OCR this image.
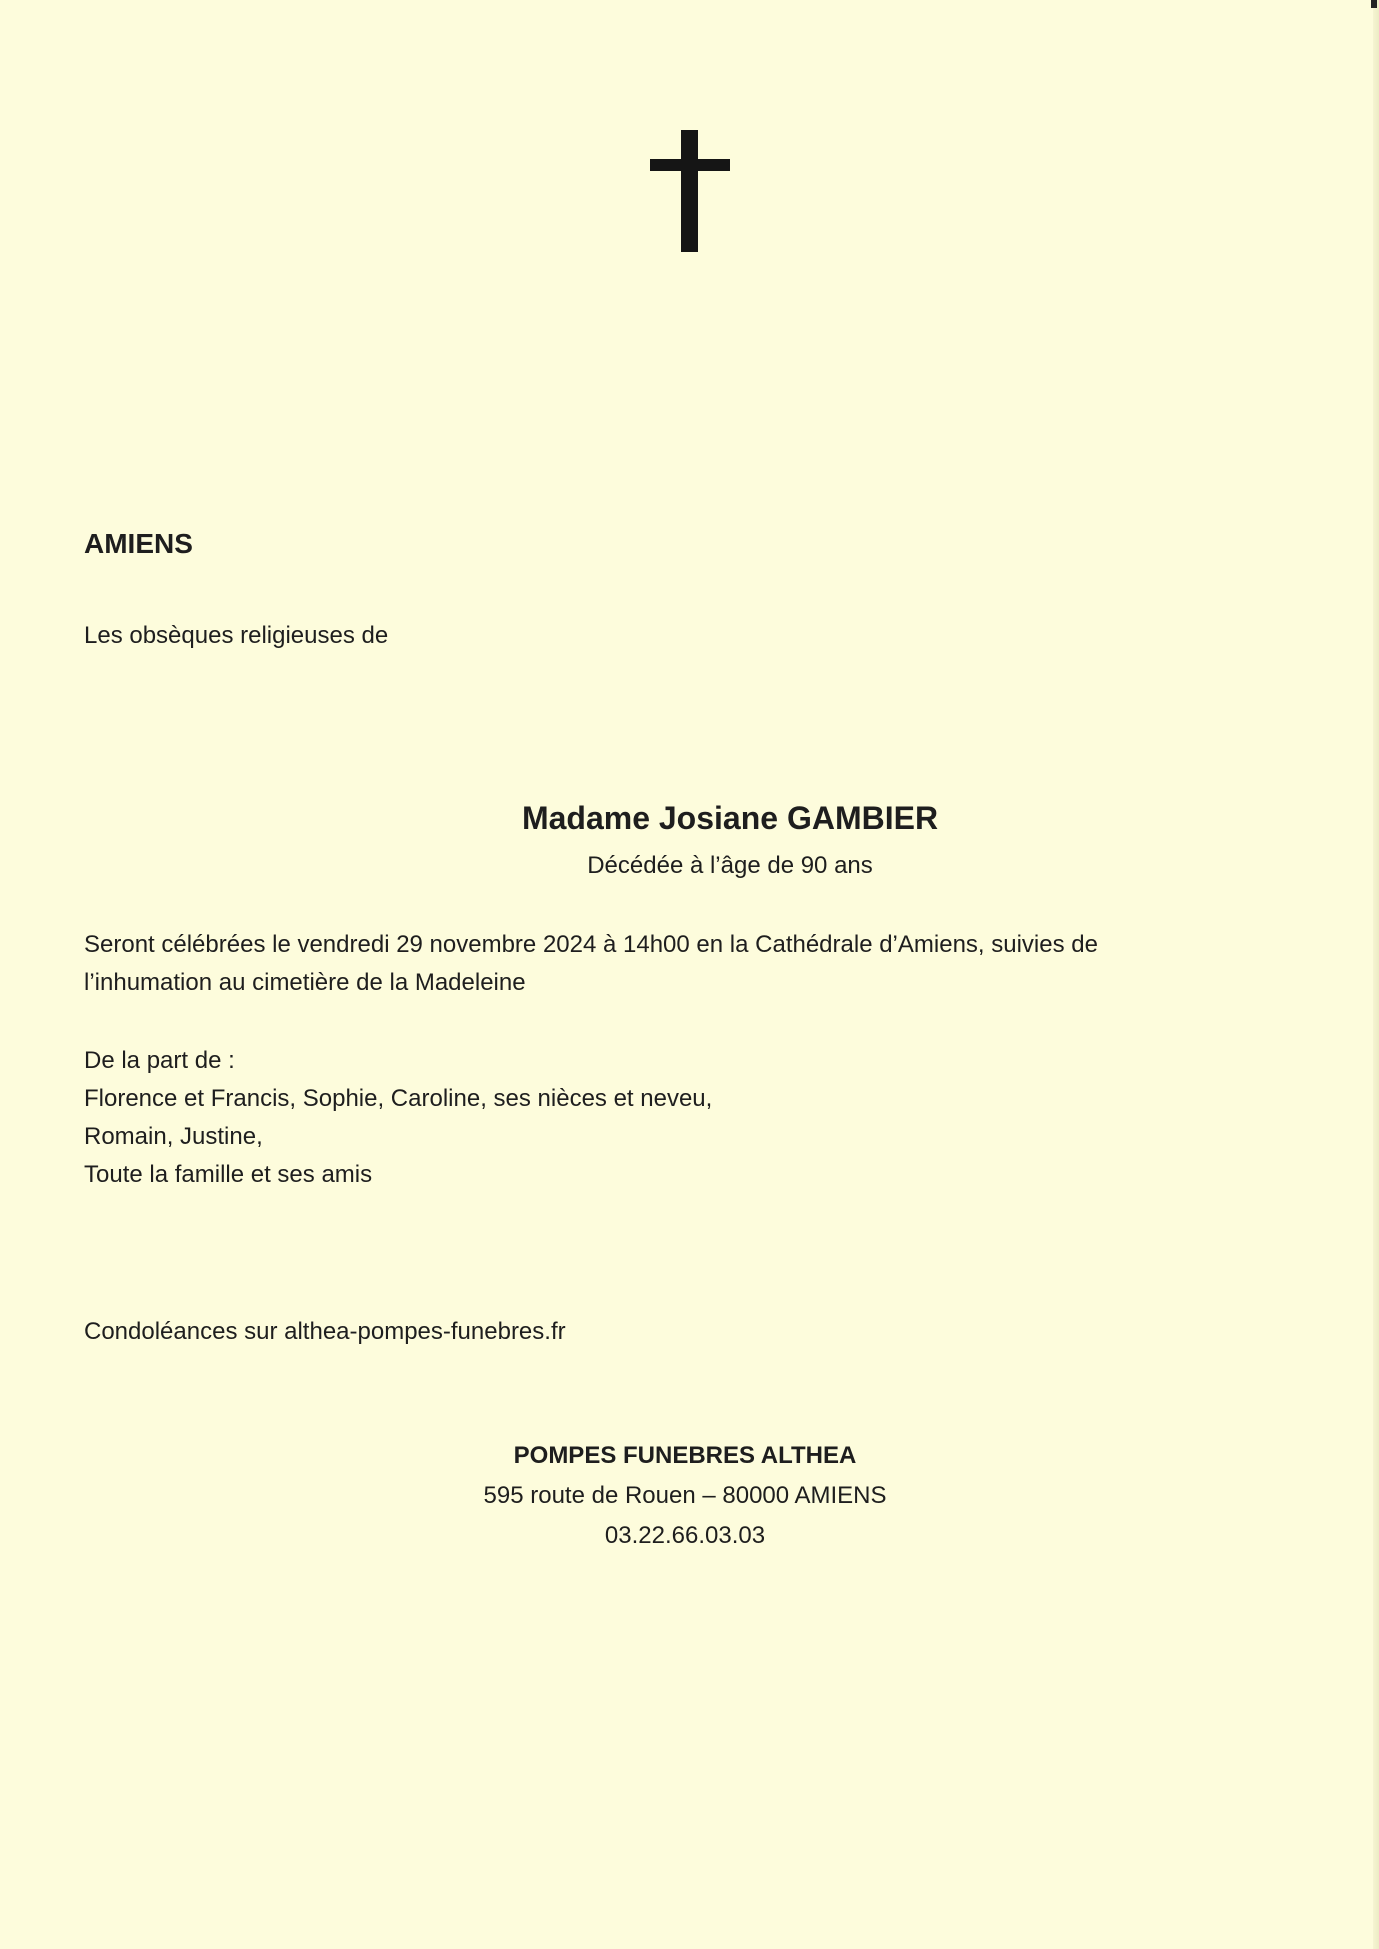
AMIENS
Les obsèques religieuses de
Madame Josiane GAMBIER
Décédée à l’âge de 90 ans
Seront célébrées le vendredi 29 novembre 2024 à 14h00 en la Cathédrale d’Amiens, suivies de
l’inhumation au cimetière de la Madeleine
De la part de :
Florence et Francis, Sophie, Caroline, ses nièces et neveu,
Romain, Justine,
Toute la famille et ses amis
Condoléances sur althea-pompes-funebres.fr
POMPES FUNEBRES ALTHEA
595 route de Rouen – 80000 AMIENS
03.22.66.03.03
